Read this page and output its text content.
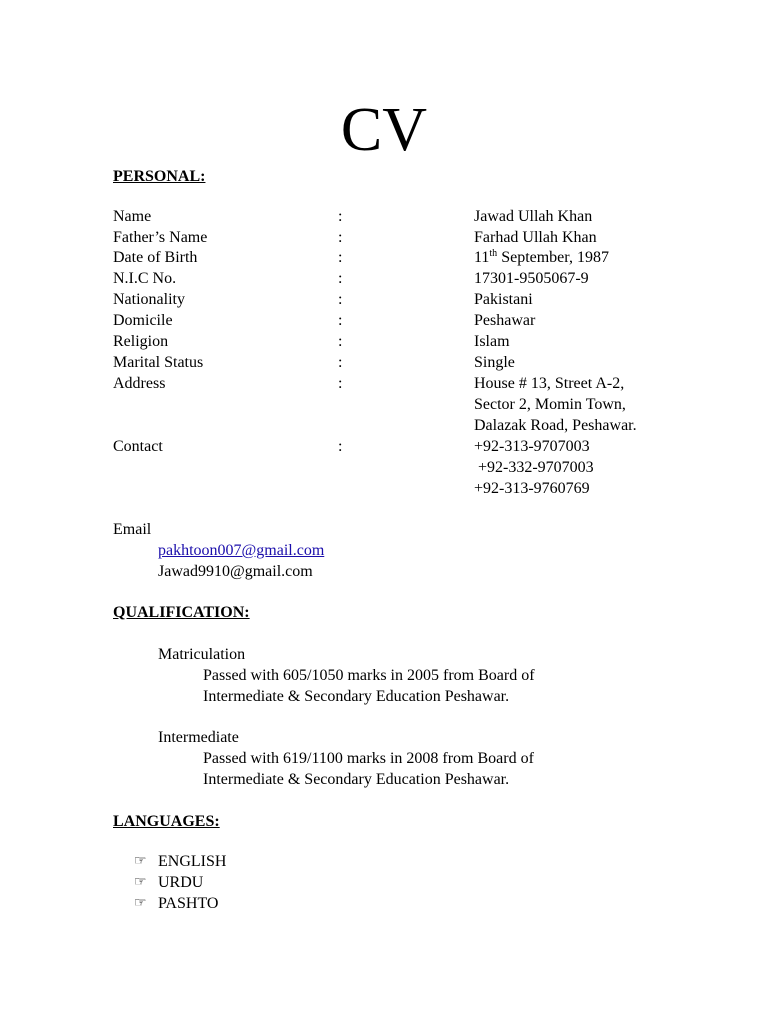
CV
PERSONAL:
Name	:	Jawad Ullah Khan
Father’s Name	:	Farhad Ullah Khan
Date of Birth	:	11th September, 1987
N.I.C No.	:	17301-9505067-9
Nationality	:	Pakistani
Domicile	:	Peshawar
Religion	:	Islam
Marital Status	:	Single
Address	:	House # 13, Street A-2,
Sector 2, Momin Town,
Dalazak Road, Peshawar.
Contact	:	+92-313-9707003
+92-332-9707003
+92-313-9760769
Email
pakhtoon007@gmail.com
Jawad9910@gmail.com
QUALIFICATION:
Matriculation
Passed with 605/1050 marks in 2005 from Board of
Intermediate & Secondary Education Peshawar.
Intermediate
Passed with 619/1100 marks in 2008 from Board of
Intermediate & Secondary Education Peshawar.
LANGUAGES:
☞ ENGLISH
☞ URDU
☞ PASHTO
